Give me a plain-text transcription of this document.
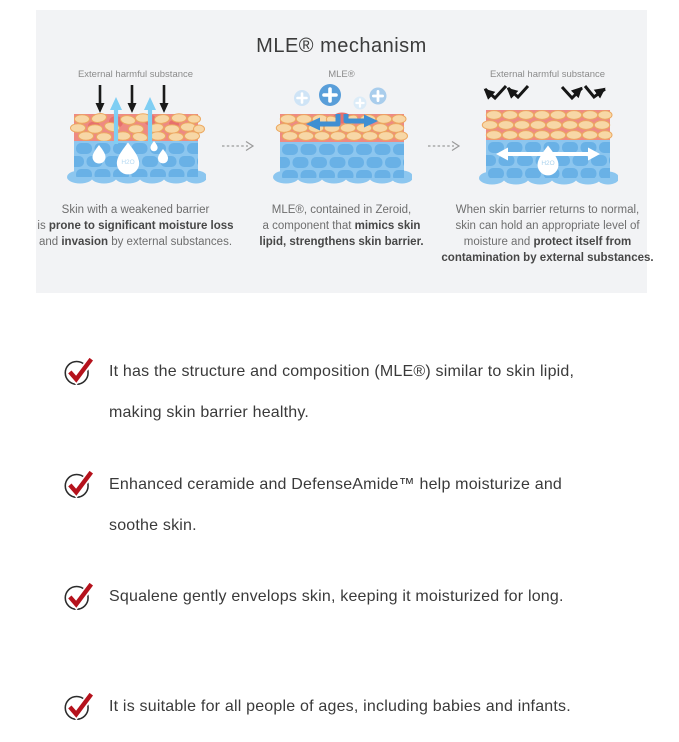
MLE® mechanism
External harmful substance
H2O
Skin with a weakened barrier
is prone to significant moisture loss
and invasion by external substances.
MLE®
MLE®, contained in Zeroid,
a component that mimics skin
lipid, strengthens skin barrier.
External harmful substance
H2O
When skin barrier returns to normal,
skin can hold an appropriate level of
moisture and protect itself from
contamination by external substances.
It has the structure and composition (MLE®) similar to skin lipid,
making skin barrier healthy.
Enhanced ceramide and DefenseAmide™ help moisturize and
soothe skin.
Squalene gently envelops skin, keeping it moisturized for long.
It is suitable for all people of ages, including babies and infants.
